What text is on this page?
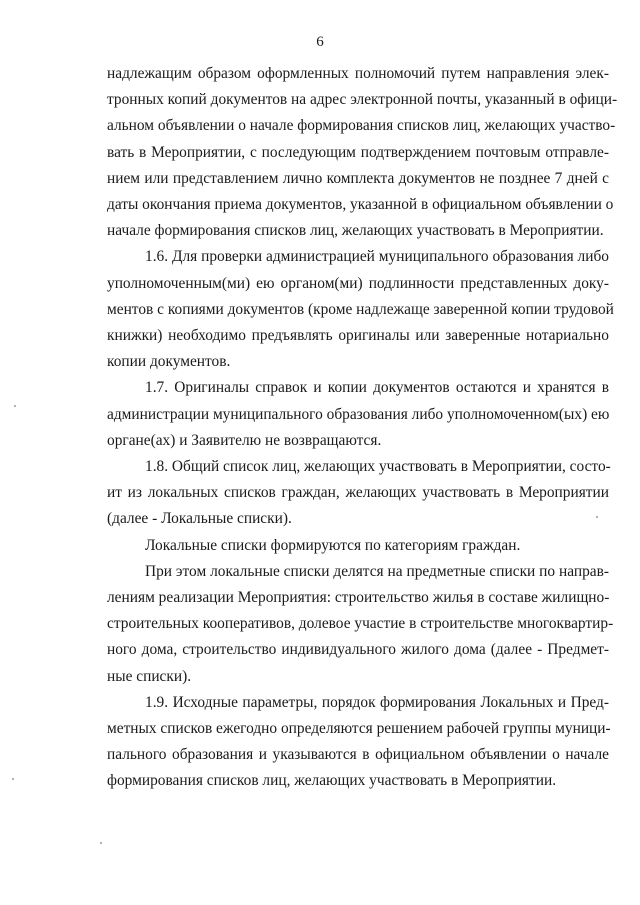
6

надлежащим образом оформленных полномочий путем направления элек-
тронных копий документов на адрес электронной почты, указанный в офици-
альном объявлении о начале формирования списков лиц, желающих участво-
вать в Мероприятии, с последующим подтверждением почтовым отправле-
нием или представлением лично комплекта документов не позднее 7 дней с
даты окончания приема документов, указанной в официальном объявлении о
начале формирования списков лиц, желающих участвовать в Мероприятии.

1.6. Для проверки администрацией муниципального образования либо
уполномоченным(ми) ею органом(ми) подлинности представленных доку-
ментов с копиями документов (кроме надлежаще заверенной копии трудовой
книжки) необходимо предъявлять оригиналы или заверенные нотариально
копии документов.

1.7. Оригиналы справок и копии документов остаются и хранятся в
администрации муниципального образования либо уполномоченном(ых) ею
органе(ах) и Заявителю не возвращаются.

1.8. Общий список лиц, желающих участвовать в Мероприятии, состо-
ит из локальных списков граждан, желающих участвовать в Мероприятии
(далее - Локальные списки).

Локальные списки формируются по категориям граждан.

При этом локальные списки делятся на предметные списки по направ-
лениям реализации Мероприятия: строительство жилья в составе жилищно-
строительных кооперативов, долевое участие в строительстве многоквартир-
ного дома, строительство индивидуального жилого дома (далее - Предмет-
ные списки).

1.9. Исходные параметры, порядок формирования Локальных и Пред-
метных списков ежегодно определяются решением рабочей группы муници-
пального образования и указываются в официальном объявлении о начале
формирования списков лиц, желающих участвовать в Мероприятии.
